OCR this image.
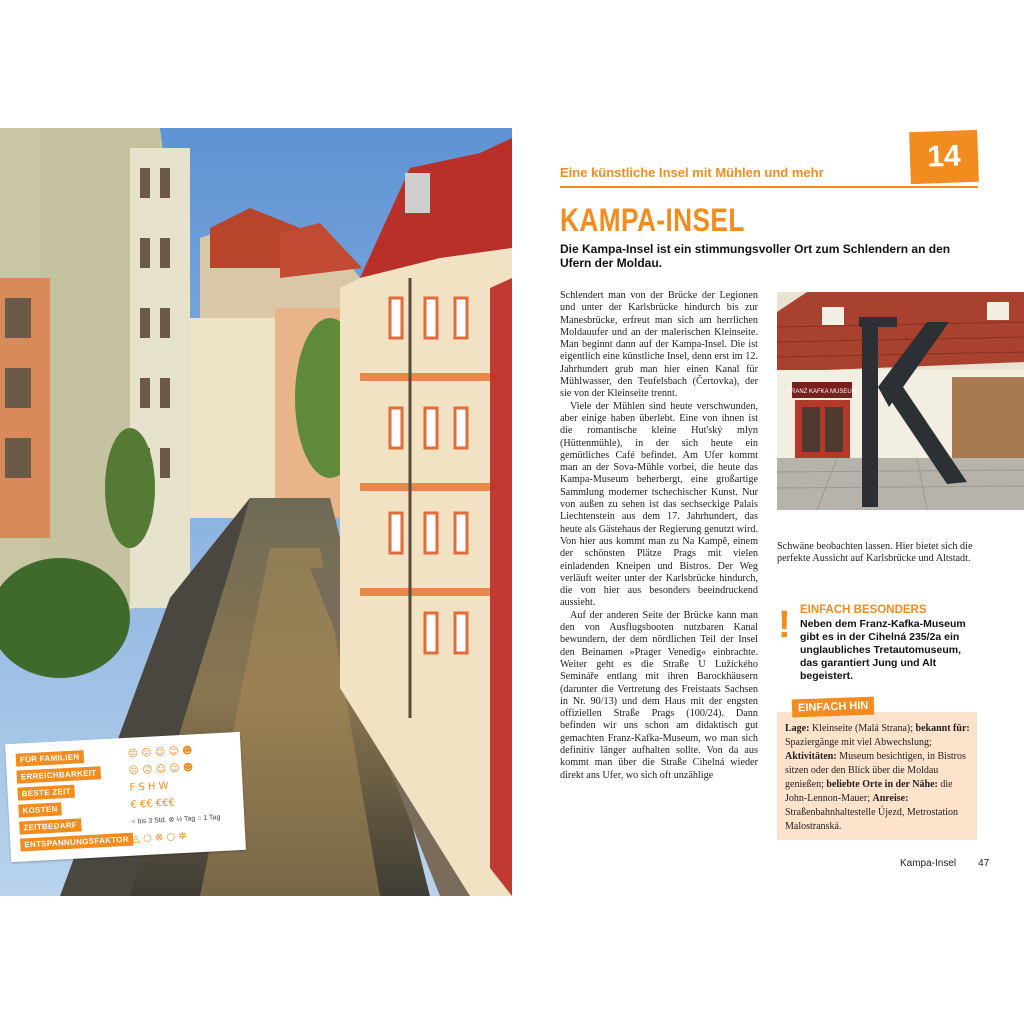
FÜR FAMILIEN
ERREICHBARKEIT
BESTE ZEIT
KOSTEN
ZEITBEDARF
ENTSPANNUNGSFAKTOR
☹ ☹ ☺ ☺ ☻
☹ ☹ ☺ ☺ ☻
F S H W
€ €€ €€€
○ bis 3 Std. ⊗ ½ Tag ○ 1 Tag
◬ ○ ⊗ ○ ✲
Eine künstliche Insel mit Mühlen und mehr	14
KAMPA-INSEL
Die Kampa-Insel ist ein stimmungsvoller Ort zum Schlendern an den Ufern der Moldau.

Schlendert man von der Brücke der Legionen und unter der Karlsbrücke hindurch bis zur Manesbrücke, erfreut man sich am herrlichen Moldauufer und an der malerischen Kleinseite. Man beginnt dann auf der Kampa-Insel. Die ist eigentlich eine künstliche Insel, denn erst im 12. Jahrhundert grub man hier einen Kanal für Mühlwasser, den Teufelsbach (Čertovka), der sie von der Kleinseite trennt.

Viele der Mühlen sind heute verschwunden, aber einige haben überlebt. Eine von ihnen ist die romantische kleine Hut'ský mlyn (Hüttenmühle), in der sich heute ein gemütliches Café befindet. Am Ufer kommt man an der Sova-Mühle vorbei, die heute das Kampa-Museum beherbergt, eine großartige Sammlung moderner tschechischer Kunst. Nur von außen zu sehen ist das sechseckige Palais Liechtenstein aus dem 17. Jahrhundert, das heute als Gästehaus der Regierung genutzt wird. Von hier aus kommt man zu Na Kampě, einem der schönsten Plätze Prags mit vielen einladenden Kneipen und Bistros. Der Weg verläuft weiter unter der Karlsbrücke hindurch, die von hier aus besonders beeindruckend aussieht.

Auf der anderen Seite der Brücke kann man den von Ausflugsbooten nutzbaren Kanal bewundern, der dem nördlichen Teil der Insel den Beinamen »Prager Venedig« einbrachte. Weiter geht es die Straße U Lužického Semináře entlang mit ihren Barockhäusern (darunter die Vertretung des Freistaats Sachsen in Nr. 90/13) und dem Haus mit der engsten offiziellen Straße Prags (100/24). Dann befinden wir uns schon am didaktisch gut gemachten Franz-Kafka-Museum, wo man sich definitiv länger aufhalten sollte. Von da aus kommt man über die Straße Cihelná wieder direkt ans Ufer, wo sich oft unzählige

FRANZ KAFKA MUSEUM
Schwäne beobachten lassen. Hier bietet sich die perfekte Aussicht auf Karlsbrücke und Altstadt.
! EINFACH BESONDERS
Neben dem Franz-Kafka-Museum gibt es in der Cihelná 235/2a ein unglaubliches Tretautomuseum, das garantiert Jung und Alt begeistert.
EINFACH HIN
Lage: Kleinseite (Malá Strana); bekannt für: Spaziergänge mit viel Abwechslung; Aktivitäten: Museum besichtigen, in Bistros sitzen oder den Blick über die Moldau genießen; beliebte Orte in der Nähe: die John-Lennon-Mauer; Anreise: Straßenbahnhaltestelle Újezd, Metrostation Malostranská.
Kampa-Insel 47
